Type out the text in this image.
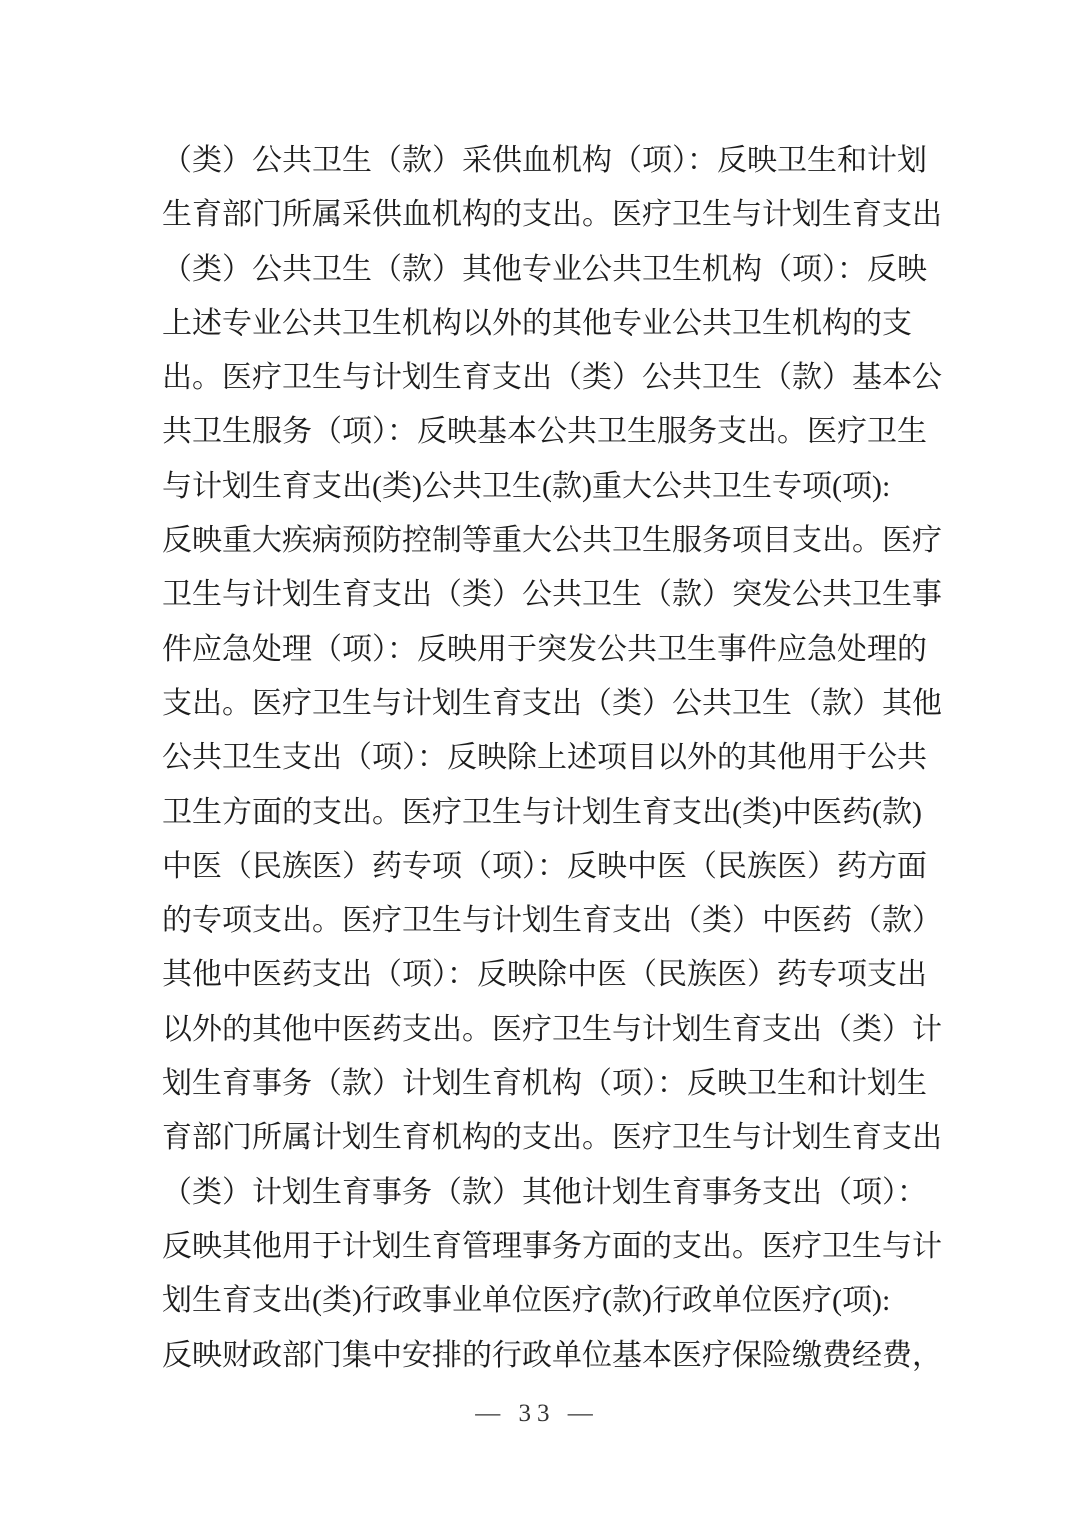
（类）公共卫生（款）采供血机构（项）：反映卫生和计划
生育部门所属采供血机构的支出。医疗卫生与计划生育支出
（类）公共卫生（款）其他专业公共卫生机构（项）：反映
上述专业公共卫生机构以外的其他专业公共卫生机构的支
出。医疗卫生与计划生育支出（类）公共卫生（款）基本公
共卫生服务（项）：反映基本公共卫生服务支出。医疗卫生
与计划生育支出(类)公共卫生(款)重大公共卫生专项(项):
反映重大疾病预防控制等重大公共卫生服务项目支出。医疗
卫生与计划生育支出（类）公共卫生（款）突发公共卫生事
件应急处理（项）：反映用于突发公共卫生事件应急处理的
支出。医疗卫生与计划生育支出（类）公共卫生（款）其他
公共卫生支出（项）：反映除上述项目以外的其他用于公共
卫生方面的支出。医疗卫生与计划生育支出(类)中医药(款)
中医（民族医）药专项（项）：反映中医（民族医）药方面
的专项支出。医疗卫生与计划生育支出（类）中医药（款）
其他中医药支出（项）：反映除中医（民族医）药专项支出
以外的其他中医药支出。医疗卫生与计划生育支出（类）计
划生育事务（款）计划生育机构（项）：反映卫生和计划生
育部门所属计划生育机构的支出。医疗卫生与计划生育支出
（类）计划生育事务（款）其他计划生育事务支出（项）：
反映其他用于计划生育管理事务方面的支出。医疗卫生与计
划生育支出(类)行政事业单位医疗(款)行政单位医疗(项):
反映财政部门集中安排的行政单位基本医疗保险缴费经费，
— 33 —
